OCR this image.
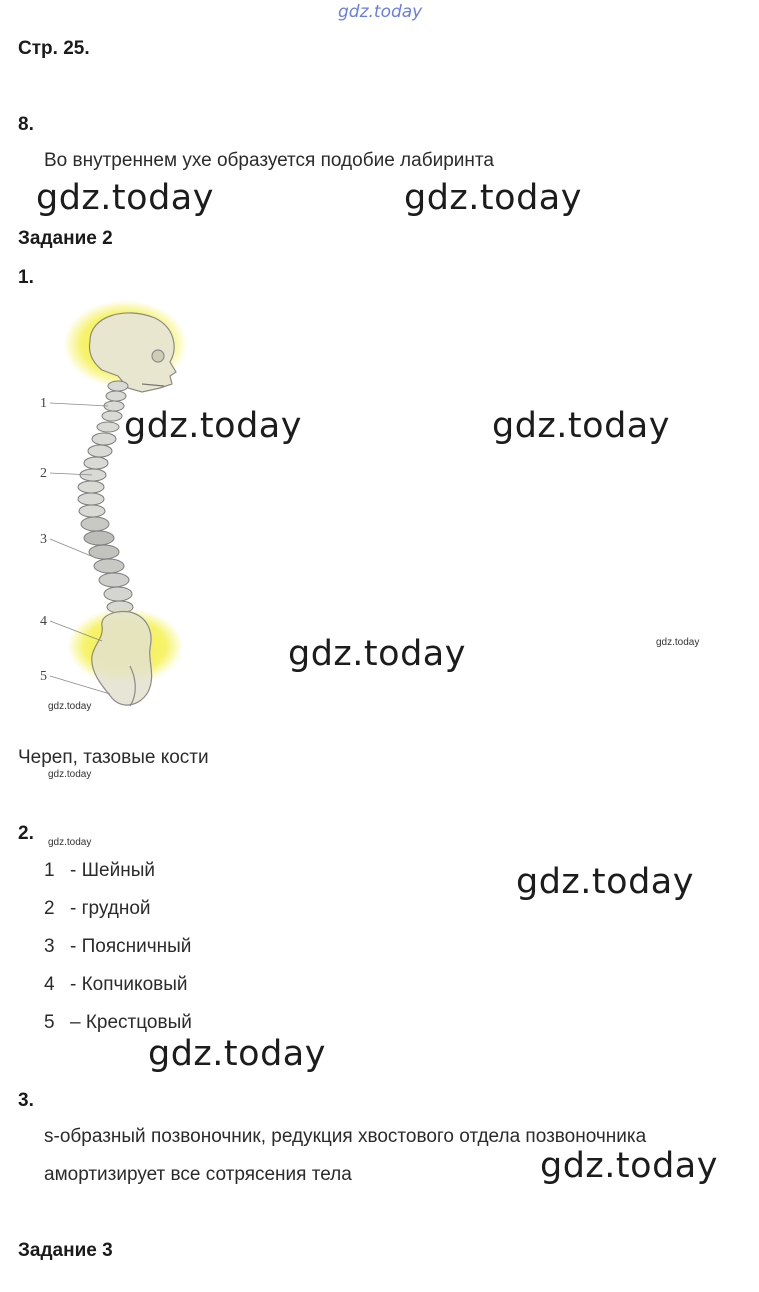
gdz.today
Стр. 25.
8.
Во внутреннем ухе образуется подобие лабиринта
gdz.today	gdz.today
Задание 2
1.
1
2
3
4
5
gdz.today	gdz.today
gdz.today	gdz.today
gdz.today
Череп, тазовые кости
gdz.today
2. gdz.today
1 - Шейный
2 - грудной
3 - Поясничный
4 - Копчиковый
5 – Крестцовый
gdz.today
gdz.today
3.
s-образный позвоночник, редукция хвостового отдела позвоночника
амортизирует все сотрясения тела	gdz.today
Задание 3
